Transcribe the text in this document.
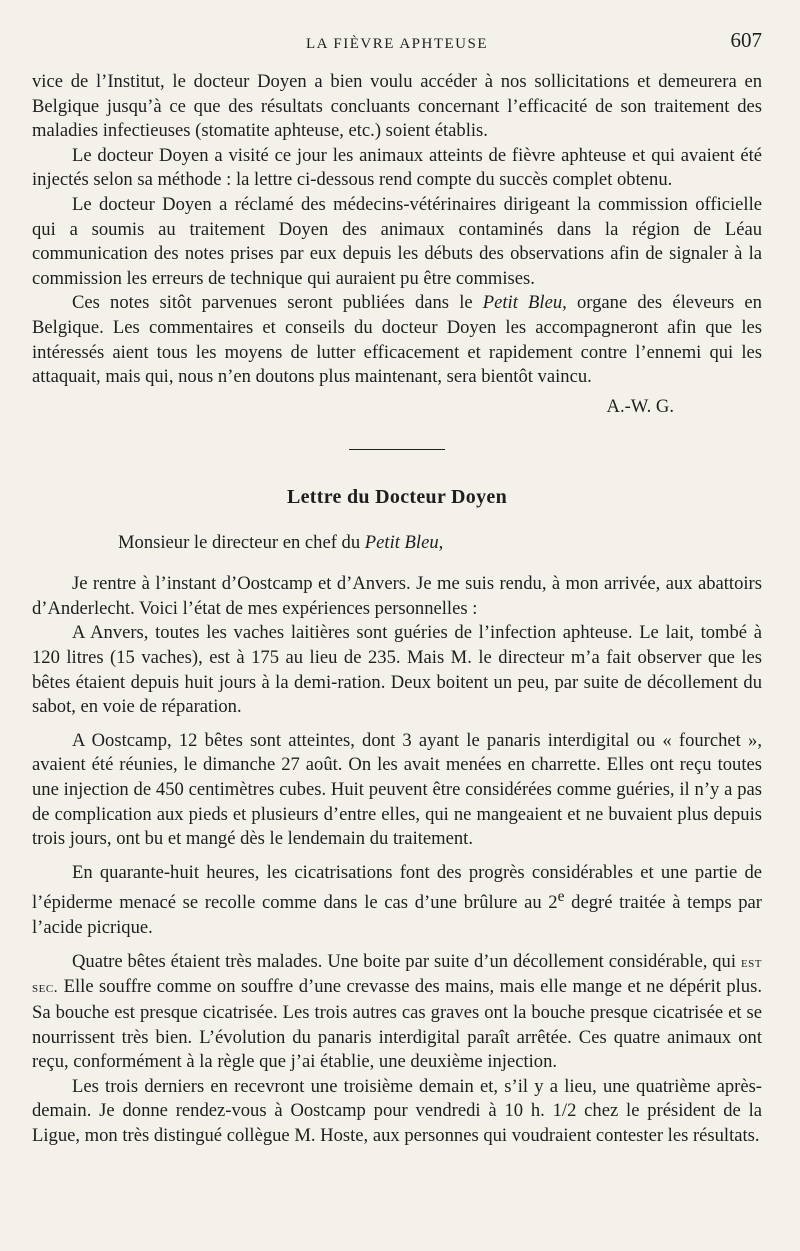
LA FIÈVRE APHTEUSE	607

vice de l’Institut, le docteur Doyen a bien voulu accéder à nos sollicitations et demeurera en Belgique jusqu’à ce que des résultats concluants concernant l’efficacité de son traitement des maladies infectieuses (stomatite aphteuse, etc.) soient établis.

Le docteur Doyen a visité ce jour les animaux atteints de fièvre aphteuse et qui avaient été injectés selon sa méthode : la lettre ci-dessous rend compte du succès complet obtenu.

Le docteur Doyen a réclamé des médecins-vétérinaires dirigeant la commission officielle qui a soumis au traitement Doyen des animaux contaminés dans la région de Léau communication des notes prises par eux depuis les débuts des observations afin de signaler à la commission les erreurs de technique qui auraient pu être commises.

Ces notes sitôt parvenues seront publiées dans le Petit Bleu, organe des éleveurs en Belgique. Les commentaires et conseils du docteur Doyen les accompagneront afin que les intéressés aient tous les moyens de lutter efficacement et rapidement contre l’ennemi qui les attaquait, mais qui, nous n’en doutons plus maintenant, sera bientôt vaincu.

A.-W. G.
Lettre du Docteur Doyen
Monsieur le directeur en chef du Petit Bleu,

Je rentre à l’instant d’Oostcamp et d’Anvers. Je me suis rendu, à mon arrivée, aux abattoirs d’Anderlecht. Voici l’état de mes expériences personnelles :

A Anvers, toutes les vaches laitières sont guéries de l’infection aphteuse. Le lait, tombé à 120 litres (15 vaches), est à 175 au lieu de 235. Mais M. le directeur m’a fait observer que les bêtes étaient depuis huit jours à la demi-ration. Deux boitent un peu, par suite de décollement du sabot, en voie de réparation.

A Oostcamp, 12 bêtes sont atteintes, dont 3 ayant le panaris interdigital ou « fourchet », avaient été réunies, le dimanche 27 août. On les avait menées en charrette. Elles ont reçu toutes une injection de 450 centimètres cubes. Huit peuvent être considérées comme guéries, il n’y a pas de complication aux pieds et plusieurs d’entre elles, qui ne mangeaient et ne buvaient plus depuis trois jours, ont bu et mangé dès le lendemain du traitement.

En quarante-huit heures, les cicatrisations font des progrès considérables et une partie de l’épiderme menacé se recolle comme dans le cas d’une brûlure au 2e degré traitée à temps par l’acide picrique.

Quatre bêtes étaient très malades. Une boite par suite d’un décollement considérable, qui est sec. Elle souffre comme on souffre d’une crevasse des mains, mais elle mange et ne dépérit plus. Sa bouche est presque cicatrisée. Les trois autres cas graves ont la bouche presque cicatrisée et se nourrissent très bien. L’évolution du panaris interdigital paraît arrêtée. Ces quatre animaux ont reçu, conformément à la règle que j’ai établie, une deuxième injection.

Les trois derniers en recevront une troisième demain et, s’il y a lieu, une quatrième après-demain. Je donne rendez-vous à Oostcamp pour vendredi à 10 h. 1/2 chez le président de la Ligue, mon très distingué collègue M. Hoste, aux personnes qui voudraient contester les résultats.
